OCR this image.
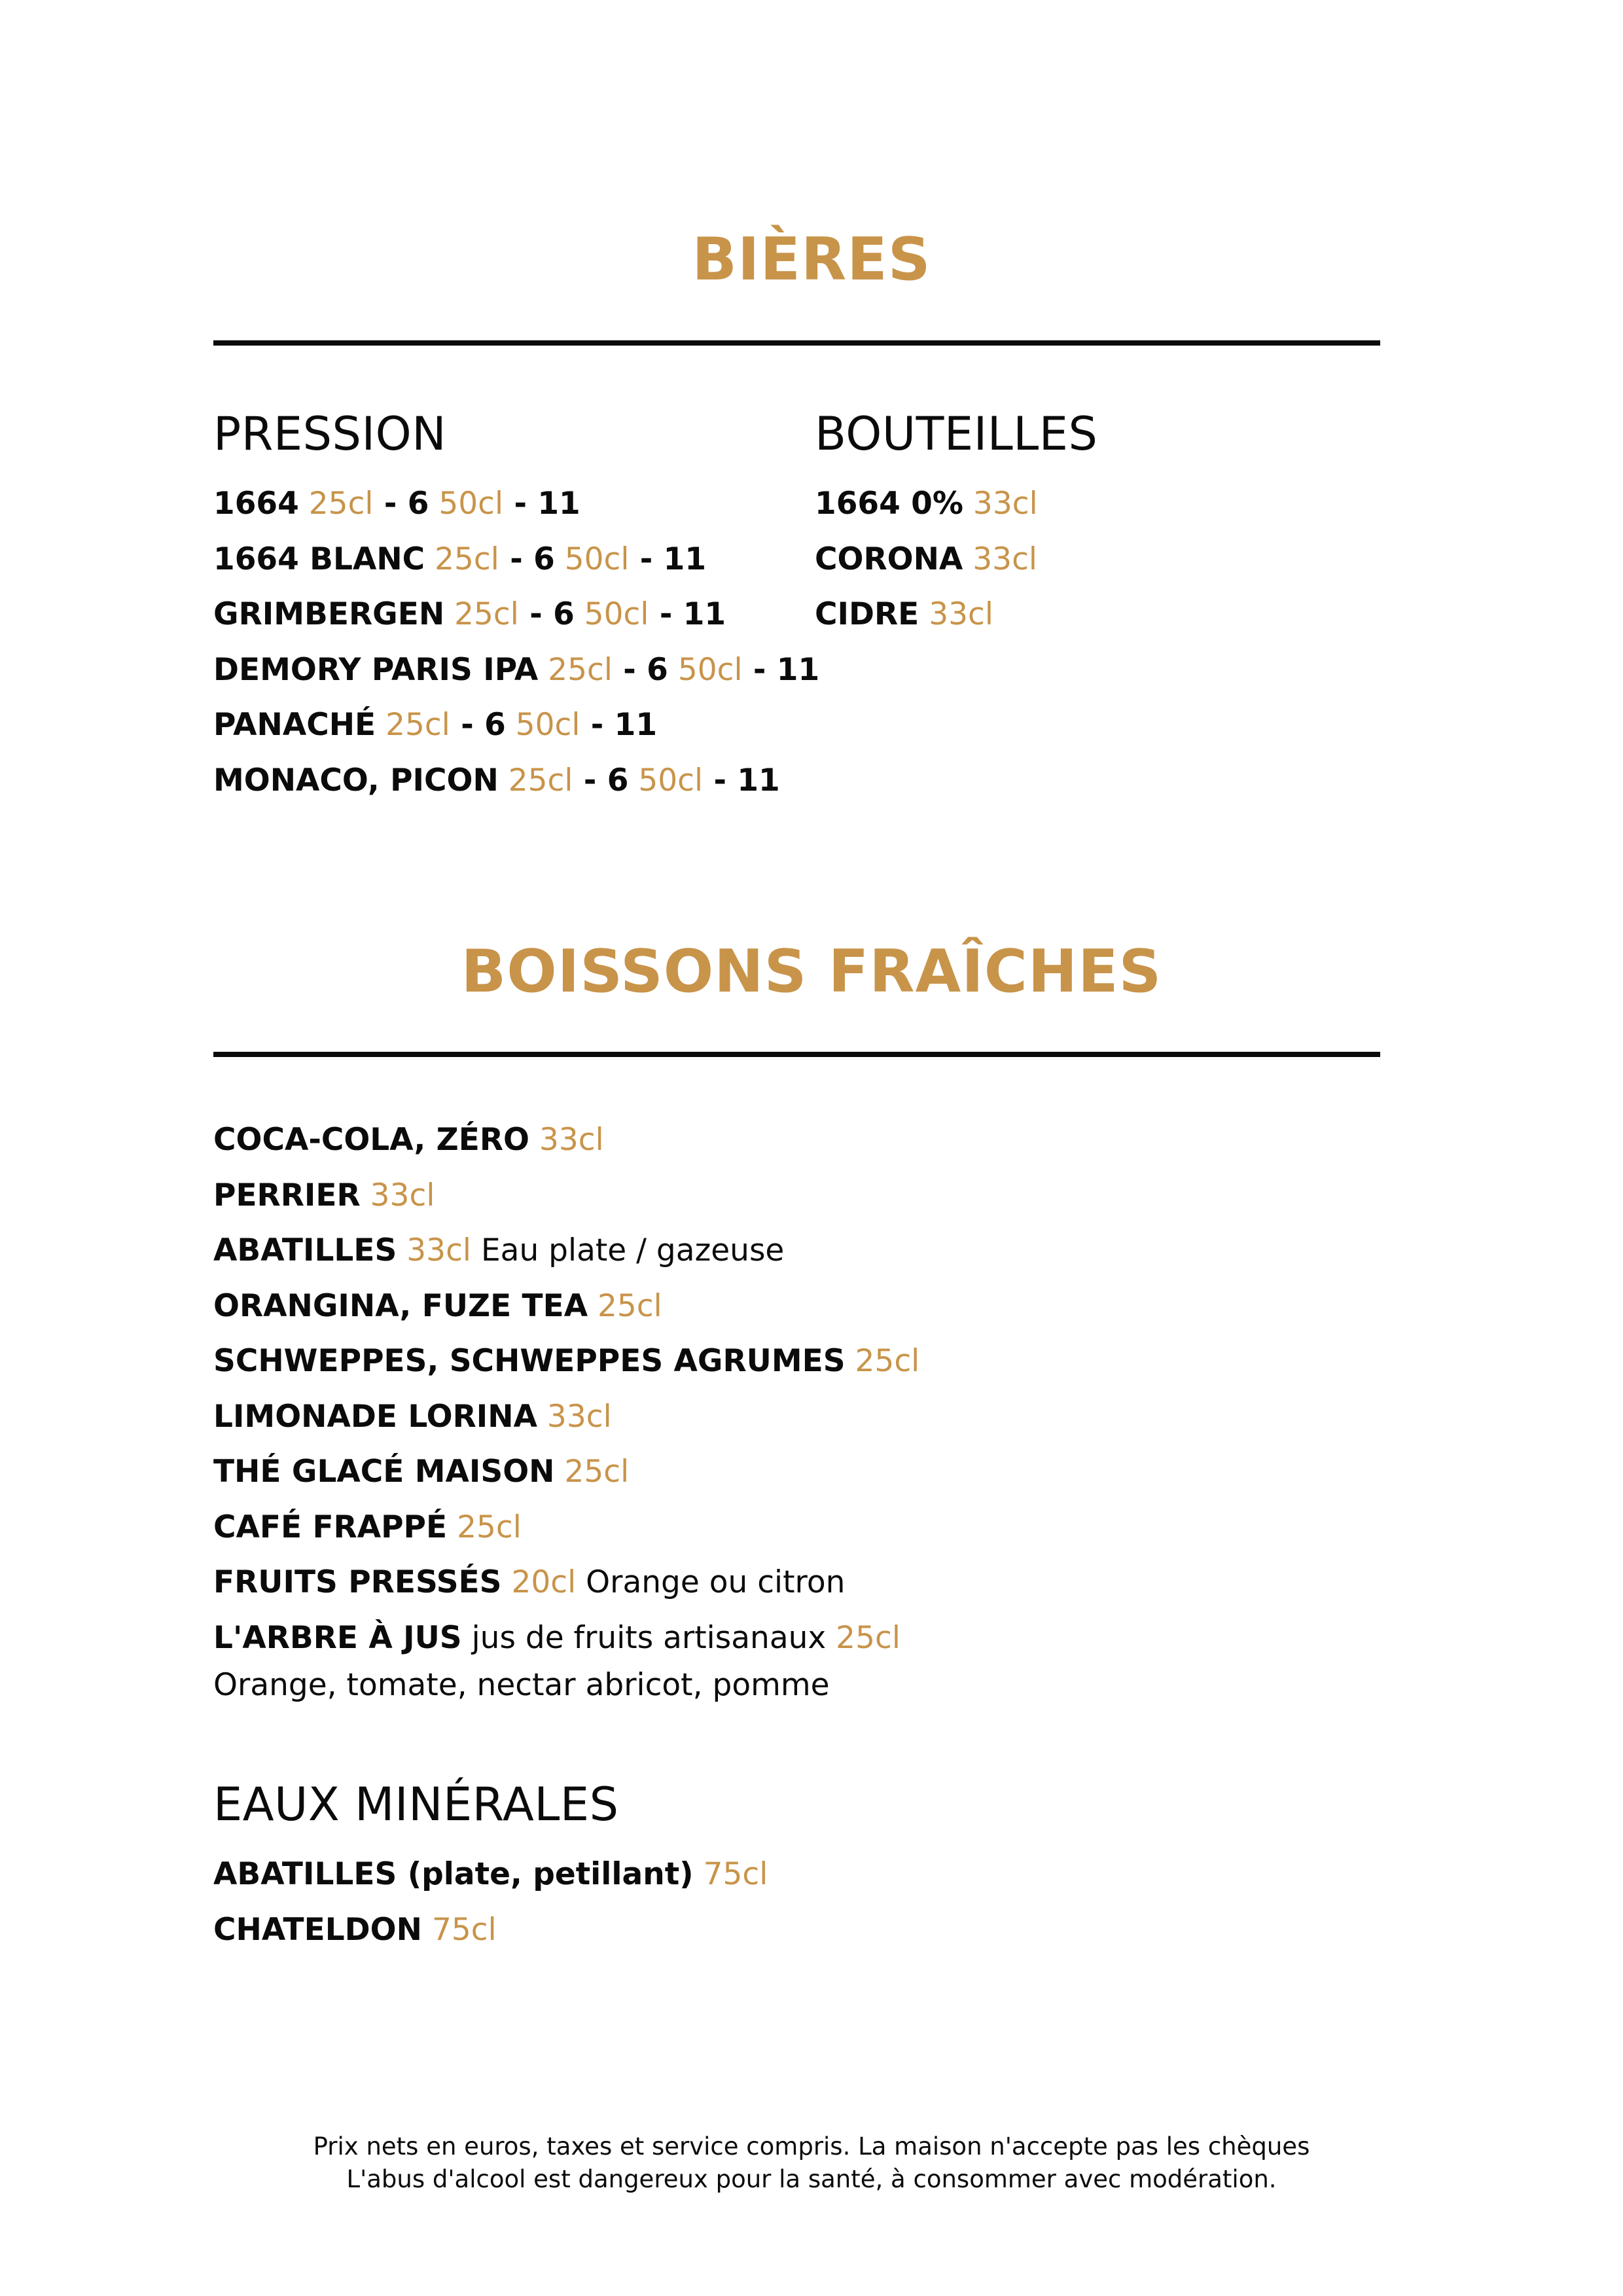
BIÈRES
PRESSION
1664 25cl - 6 50cl - 11
1664 BLANC 25cl - 6 50cl - 11
GRIMBERGEN 25cl - 6 50cl - 11
DEMORY PARIS IPA 25cl - 6 50cl - 11
PANACHÉ 25cl - 6 50cl - 11
MONACO, PICON 25cl - 6 50cl - 11
BOUTEILLES
1664 0% 33cl
CORONA 33cl
CIDRE 33cl
BOISSONS FRAÎCHES
COCA-COLA, ZÉRO 33cl
PERRIER 33cl
ABATILLES 33cl Eau plate / gazeuse
ORANGINA, FUZE TEA 25cl
SCHWEPPES, SCHWEPPES AGRUMES 25cl
LIMONADE LORINA 33cl
THÉ GLACÉ MAISON 25cl
CAFÉ FRAPPÉ 25cl
FRUITS PRESSÉS 20cl Orange ou citron
L'ARBRE À JUS jus de fruits artisanaux 25cl
Orange, tomate, nectar abricot, pomme
EAUX MINÉRALES
ABATILLES (plate, petillant) 75cl
CHATELDON 75cl
Prix nets en euros, taxes et service compris. La maison n'accepte pas les chèques
L'abus d'alcool est dangereux pour la santé, à consommer avec modération.
